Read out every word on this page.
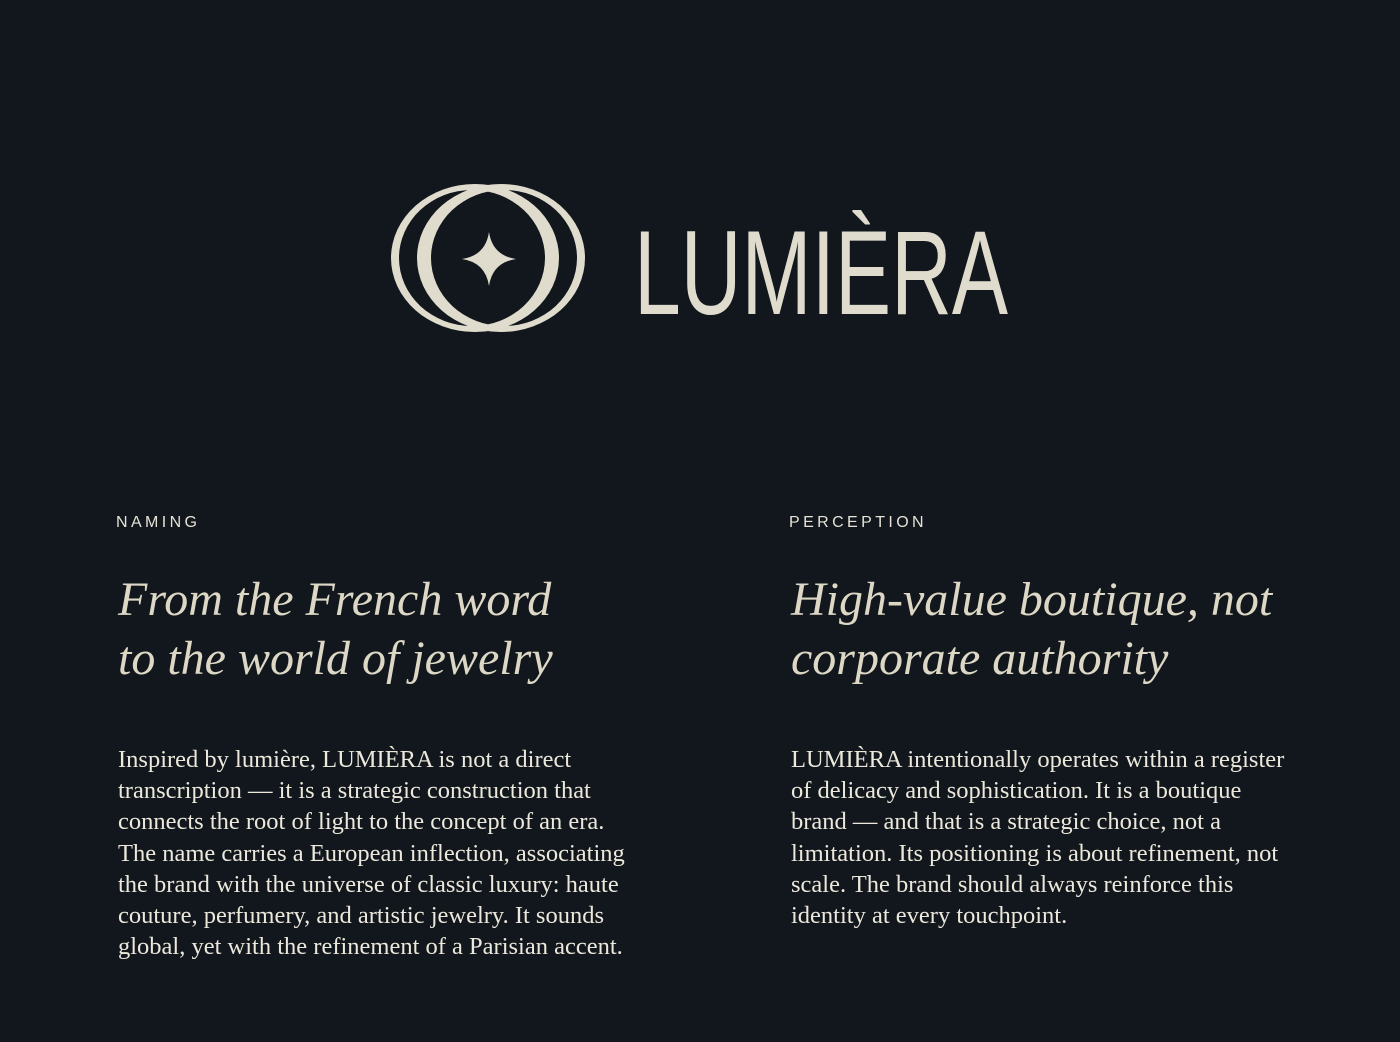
LUMIÈRA

NAMING

From the French word
to the world of jewelry

Inspired by lumière, LUMIÈRA is not a direct transcription — it is a strategic construction that connects the root of light to the concept of an era. The name carries a European inflection, associating the brand with the universe of classic luxury: haute couture, perfumery, and artistic jewelry. It sounds global, yet with the refinement of a Parisian accent.

PERCEPTION

High-value boutique, not
corporate authority

LUMIÈRA intentionally operates within a register of delicacy and sophistication. It is a boutique brand — and that is a strategic choice, not a limitation. Its positioning is about refinement, not scale. The brand should always reinforce this identity at every touchpoint.
